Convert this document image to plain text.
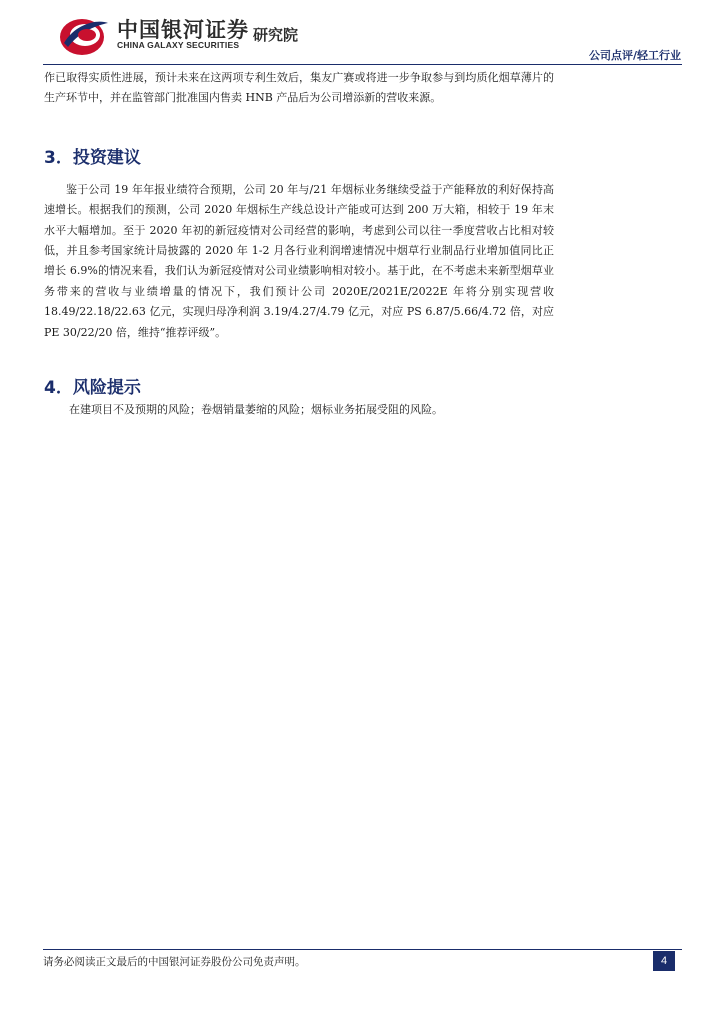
中国银河证券
CHINA GALAXY SECURITIES
研究院
公司点评/轻工行业

作已取得实质性进展，预计未来在这两项专利生效后，集友广赛或将进一步争取参与到均质化烟草薄片的生产环节中，并在监管部门批准国内售卖 HNB 产品后为公司增添新的营收来源。

3．投资建议

鉴于公司 19 年年报业绩符合预期，公司 20 年与/21 年烟标业务继续受益于产能释放的利好保持高速增长。根据我们的预测，公司 2020 年烟标生产线总设计产能或可达到 200 万大箱，相较于 19 年末水平大幅增加。至于 2020 年初的新冠疫情对公司经营的影响，考虑到公司以往一季度营收占比相对较低，并且参考国家统计局披露的 2020 年 1-2 月各行业利润增速情况中烟草行业制品行业增加值同比正增长 6.9%的情况来看，我们认为新冠疫情对公司业绩影响相对较小。基于此，在不考虑未来新型烟草业务带来的营收与业绩增量的情况下，我们预计公司 2020E/2021E/2022E 年将分别实现营收 18.49/22.18/22.63 亿元，实现归母净利润 3.19/4.27/4.79 亿元，对应 PS 6.87/5.66/4.72 倍，对应 PE 30/22/20 倍，维持“推荐评级”。

4．风险提示

在建项目不及预期的风险；卷烟销量萎缩的风险；烟标业务拓展受阻的风险。

请务必阅读正文最后的中国银河证券股份公司免责声明。	4
